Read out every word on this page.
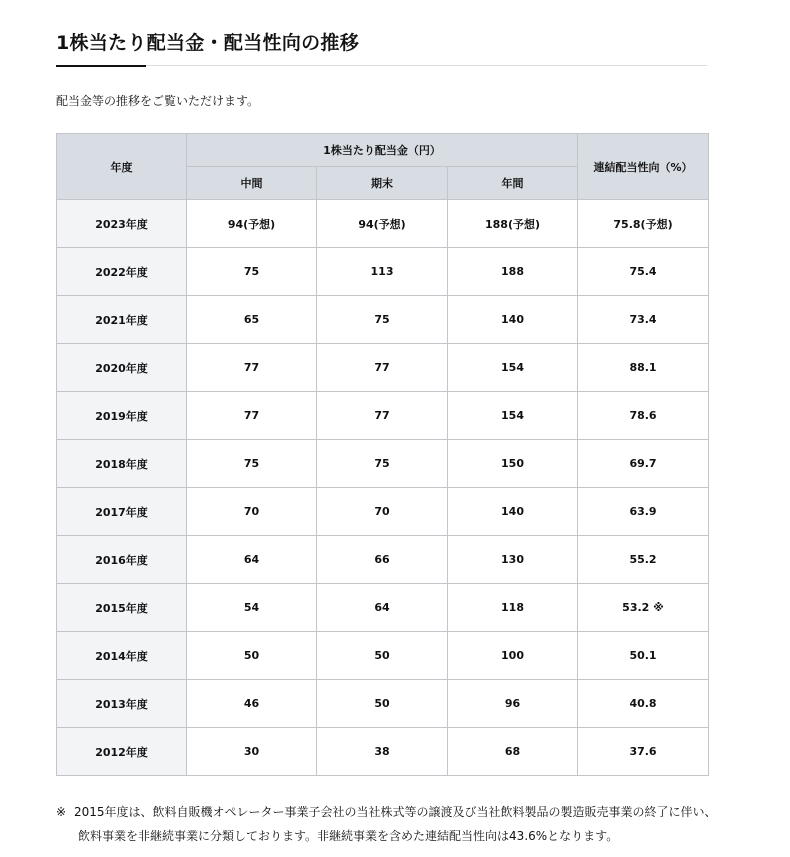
1株当たり配当金・配当性向の推移

配当金等の推移をご覧いただけます。

年度	1株当たり配当金（円）			連結配当性向（%）
	中間	期末	年間	
2023年度	94(予想)	94(予想)	188(予想)	75.8(予想)
2022年度	75	113	188	75.4
2021年度	65	75	140	73.4
2020年度	77	77	154	88.1
2019年度	77	77	154	78.6
2018年度	75	75	150	69.7
2017年度	70	70	140	63.9
2016年度	64	66	130	55.2
2015年度	54	64	118	53.2 ※
2014年度	50	50	100	50.1
2013年度	46	50	96	40.8
2012年度	30	38	68	37.6

※ 2015年度は、飲料自販機オペレーター事業子会社の当社株式等の譲渡及び当社飲料製品の製造販売事業の終了に伴い、飲料事業を非継続事業に分類しております。非継続事業を含めた連結配当性向は43.6%となります。
